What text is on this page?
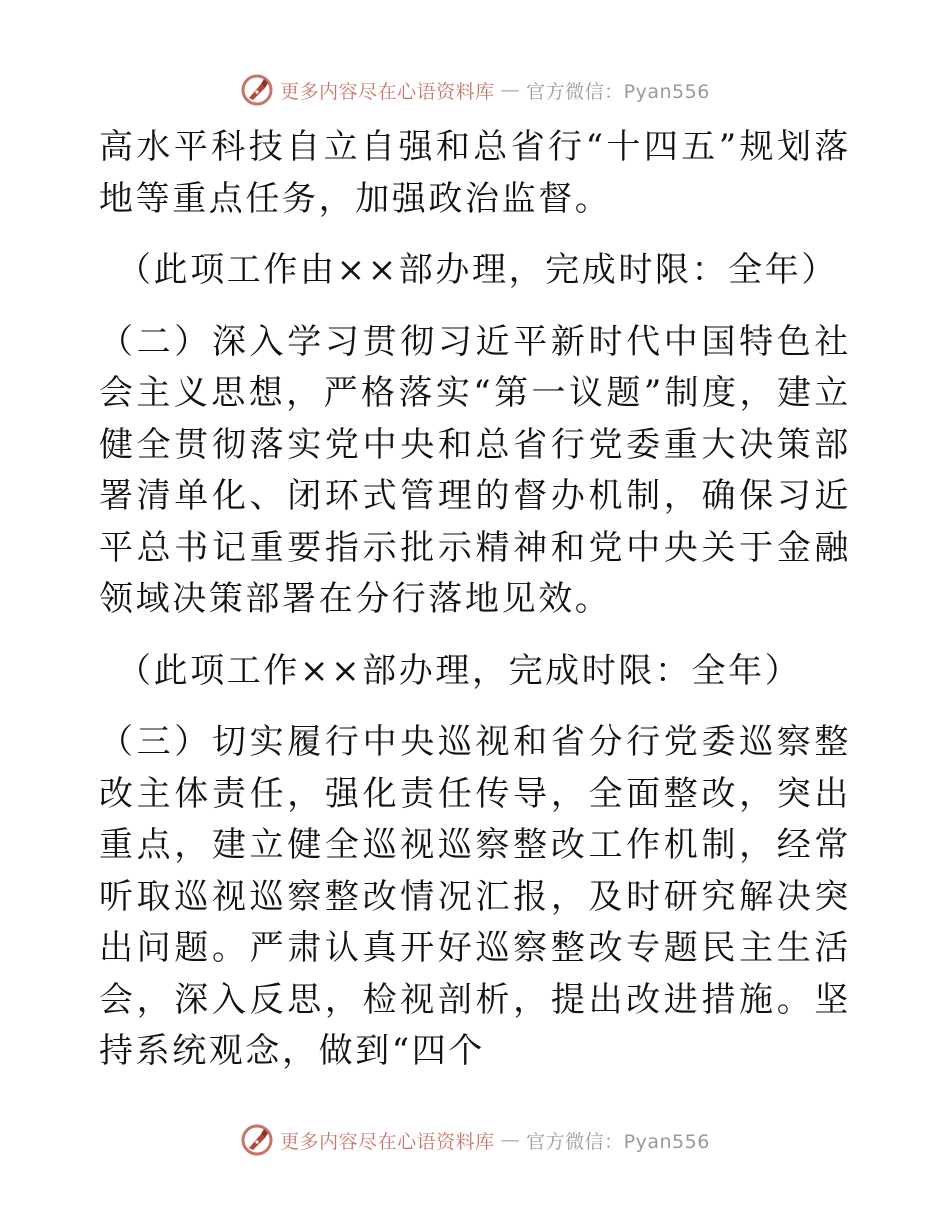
更多内容尽在心语资料库 — 官方微信：Pyan556

高水平科技自立自强和总省行“十四五”规划落地等重点任务，加强政治监督。

（此项工作由××部办理，完成时限：全年）

（二）深入学习贯彻习近平新时代中国特色社会主义思想，严格落实“第一议题”制度，建立健全贯彻落实党中央和总省行党委重大决策部署清单化、闭环式管理的督办机制，确保习近平总书记重要指示批示精神和党中央关于金融领域决策部署在分行落地见效。

（此项工作××部办理，完成时限：全年）

（三）切实履行中央巡视和省分行党委巡察整改主体责任，强化责任传导，全面整改，突出重点，建立健全巡视巡察整改工作机制，经常听取巡视巡察整改情况汇报，及时研究解决突出问题。严肃认真开好巡察整改专题民主生活会，深入反思，检视剖析，提出改进措施。坚持系统观念，做到“四个

更多内容尽在心语资料库 — 官方微信：Pyan556
